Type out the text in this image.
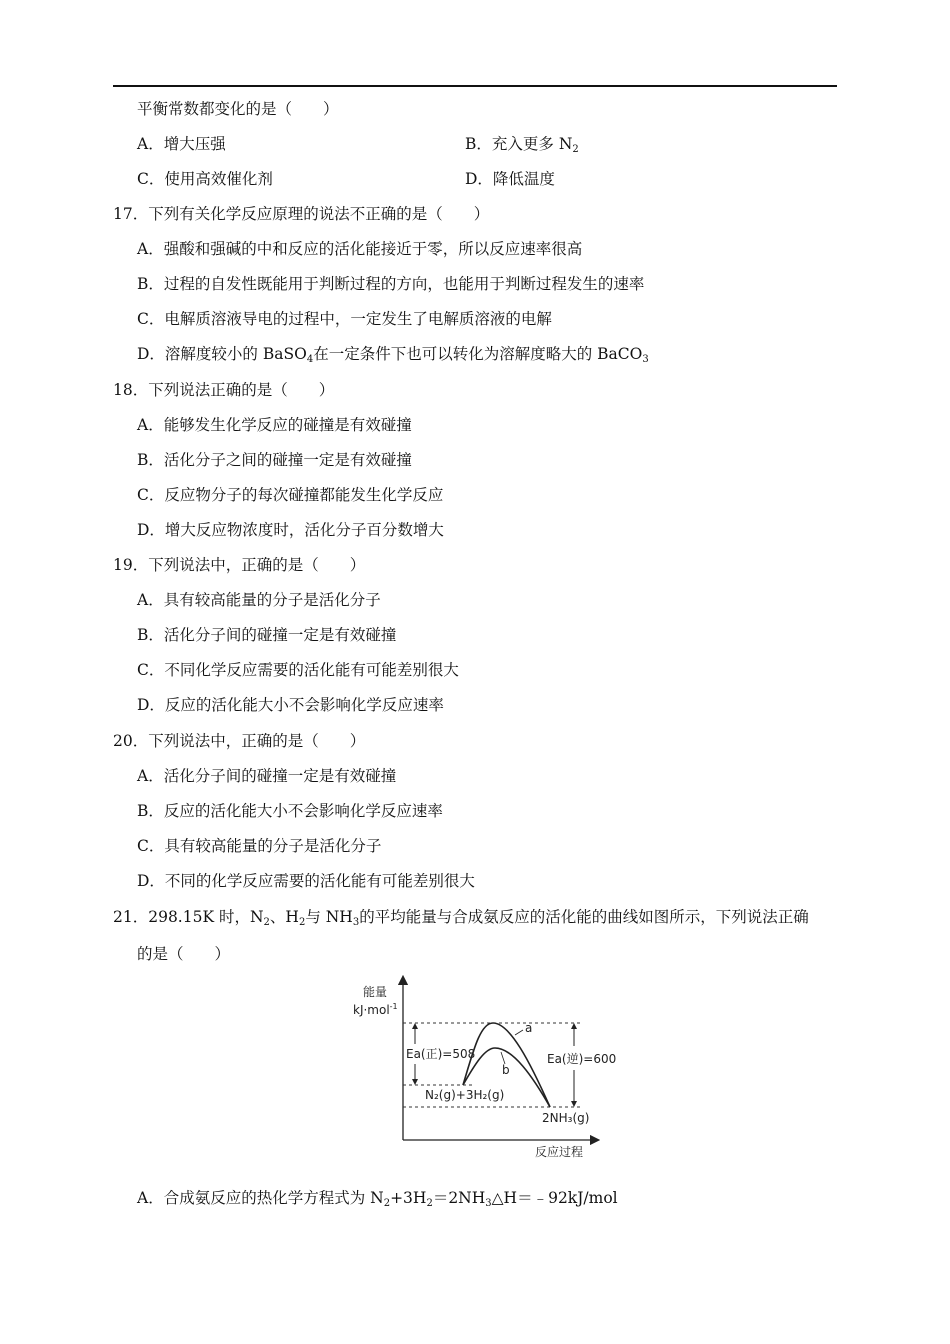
平衡常数都变化的是（　　）
A．增大压强	B．充入更多 $N_2$
C．使用高效催化剂	D．降低温度
17．下列有关化学反应原理的说法不正确的是（　　）
A．强酸和强碱的中和反应的活化能接近于零，所以反应速率很高
B．过程的自发性既能用于判断过程的方向，也能用于判断过程发生的速率
C．电解质溶液导电的过程中，一定发生了电解质溶液的电解
D．溶解度较小的 BaSO$_4$在一定条件下也可以转化为溶解度略大的 BaCO$_3$
18．下列说法正确的是（　　）
A．能够发生化学反应的碰撞是有效碰撞
B．活化分子之间的碰撞一定是有效碰撞
C．反应物分子的每次碰撞都能发生化学反应
D．增大反应物浓度时，活化分子百分数增大
19．下列说法中，正确的是（　　）
A．具有较高能量的分子是活化分子
B．活化分子间的碰撞一定是有效碰撞
C．不同化学反应需要的活化能有可能差别很大
D．反应的活化能大小不会影响化学反应速率
20．下列说法中，正确的是（　　）
A．活化分子间的碰撞一定是有效碰撞
B．反应的活化能大小不会影响化学反应速率
C．具有较高能量的分子是活化分子
D．不同的化学反应需要的活化能有可能差别很大
21．298.15K 时，$N_2$、$H_2$与 $NH_3$的平均能量与合成氨反应的活化能的曲线如图所示，下列说法正确
的是（　　）
能量
kJ·mol$^{-1}$
反应过程
a
b
Ea(正)=508	Ea(逆)=600
N₂(g)+3H₂(g)
2NH₃(g)
A．合成氨反应的热化学方程式为 $N_2+3H_2=2NH_3\triangle H=﹣92kJ$/mol
